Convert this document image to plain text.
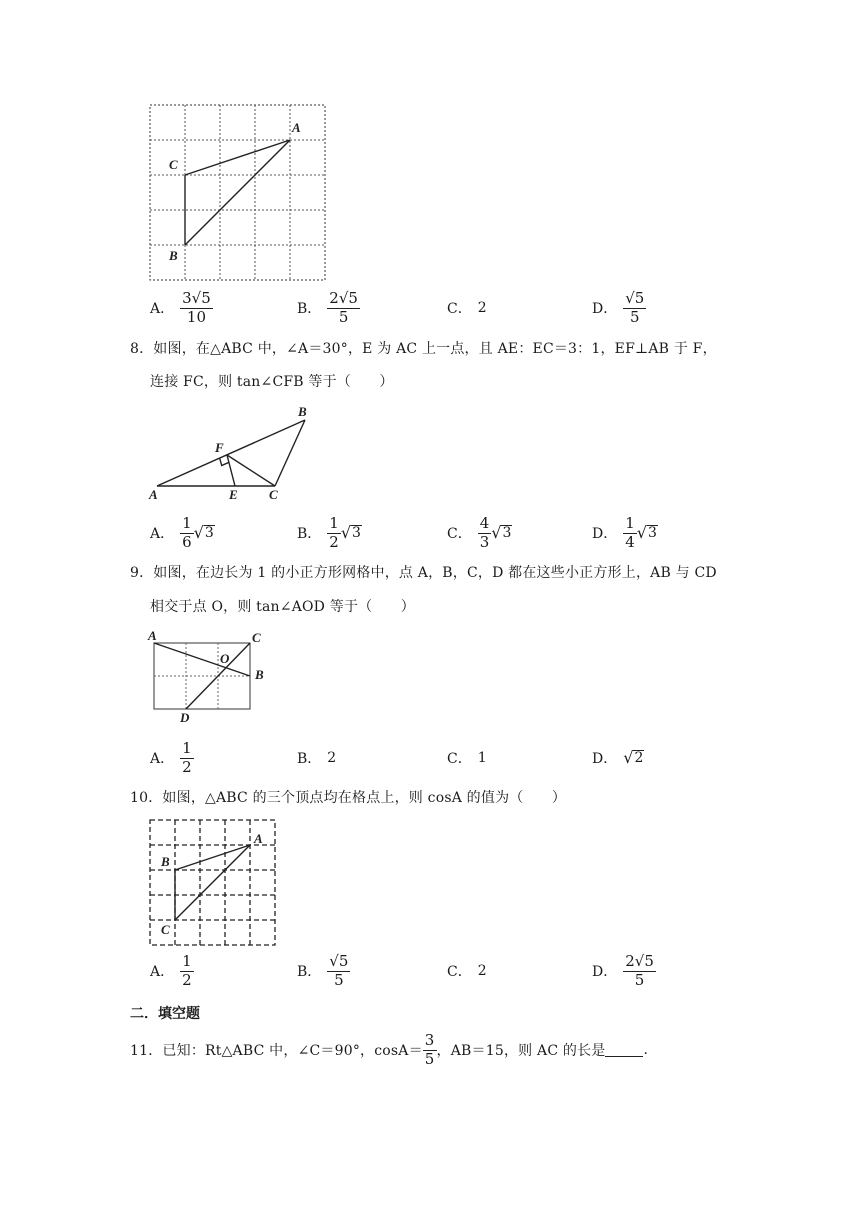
A
C
B
A． $\frac{3√5}{10}$	B． $\frac{2√5}{5}$	C． 2	D． $\frac{√5}{5}$
8．如图，在△ABC 中，∠A＝30°，E 为 AC 上一点，且 AE：EC＝3：1，EF⊥AB 于 F，
连接 FC，则 tan∠CFB 等于（　　）
B
F
A	E C
A． $\frac{1}{6}$ √ 3	B． $\frac{1}{2}$ √ 3	C． $\frac{4}{3}$ √ 3	D． $\frac{1}{4}$ √ 3
9．如图，在边长为 1 的小正方形网格中，点 A，B，C，D 都在这些小正方形上，AB 与 CD
相交于点 O，则 tan∠AOD 等于（　　）
A	C
O
B
D
A． $\frac{1}{2}$	B． 2	C． 1	D． √ 2
10．如图，△ABC 的三个顶点均在格点上，则 cosA 的值为（　　）
A
B
C
A． $\frac{1}{2}$	B． $\frac{√5}{5}$	C． 2	D． $\frac{2√5}{5}$
二．填空题
11．已知：Rt△ABC 中，∠C＝90°，$\cos A= \frac{3}{5}$ ，AB＝15，则 AC 的长是	.
